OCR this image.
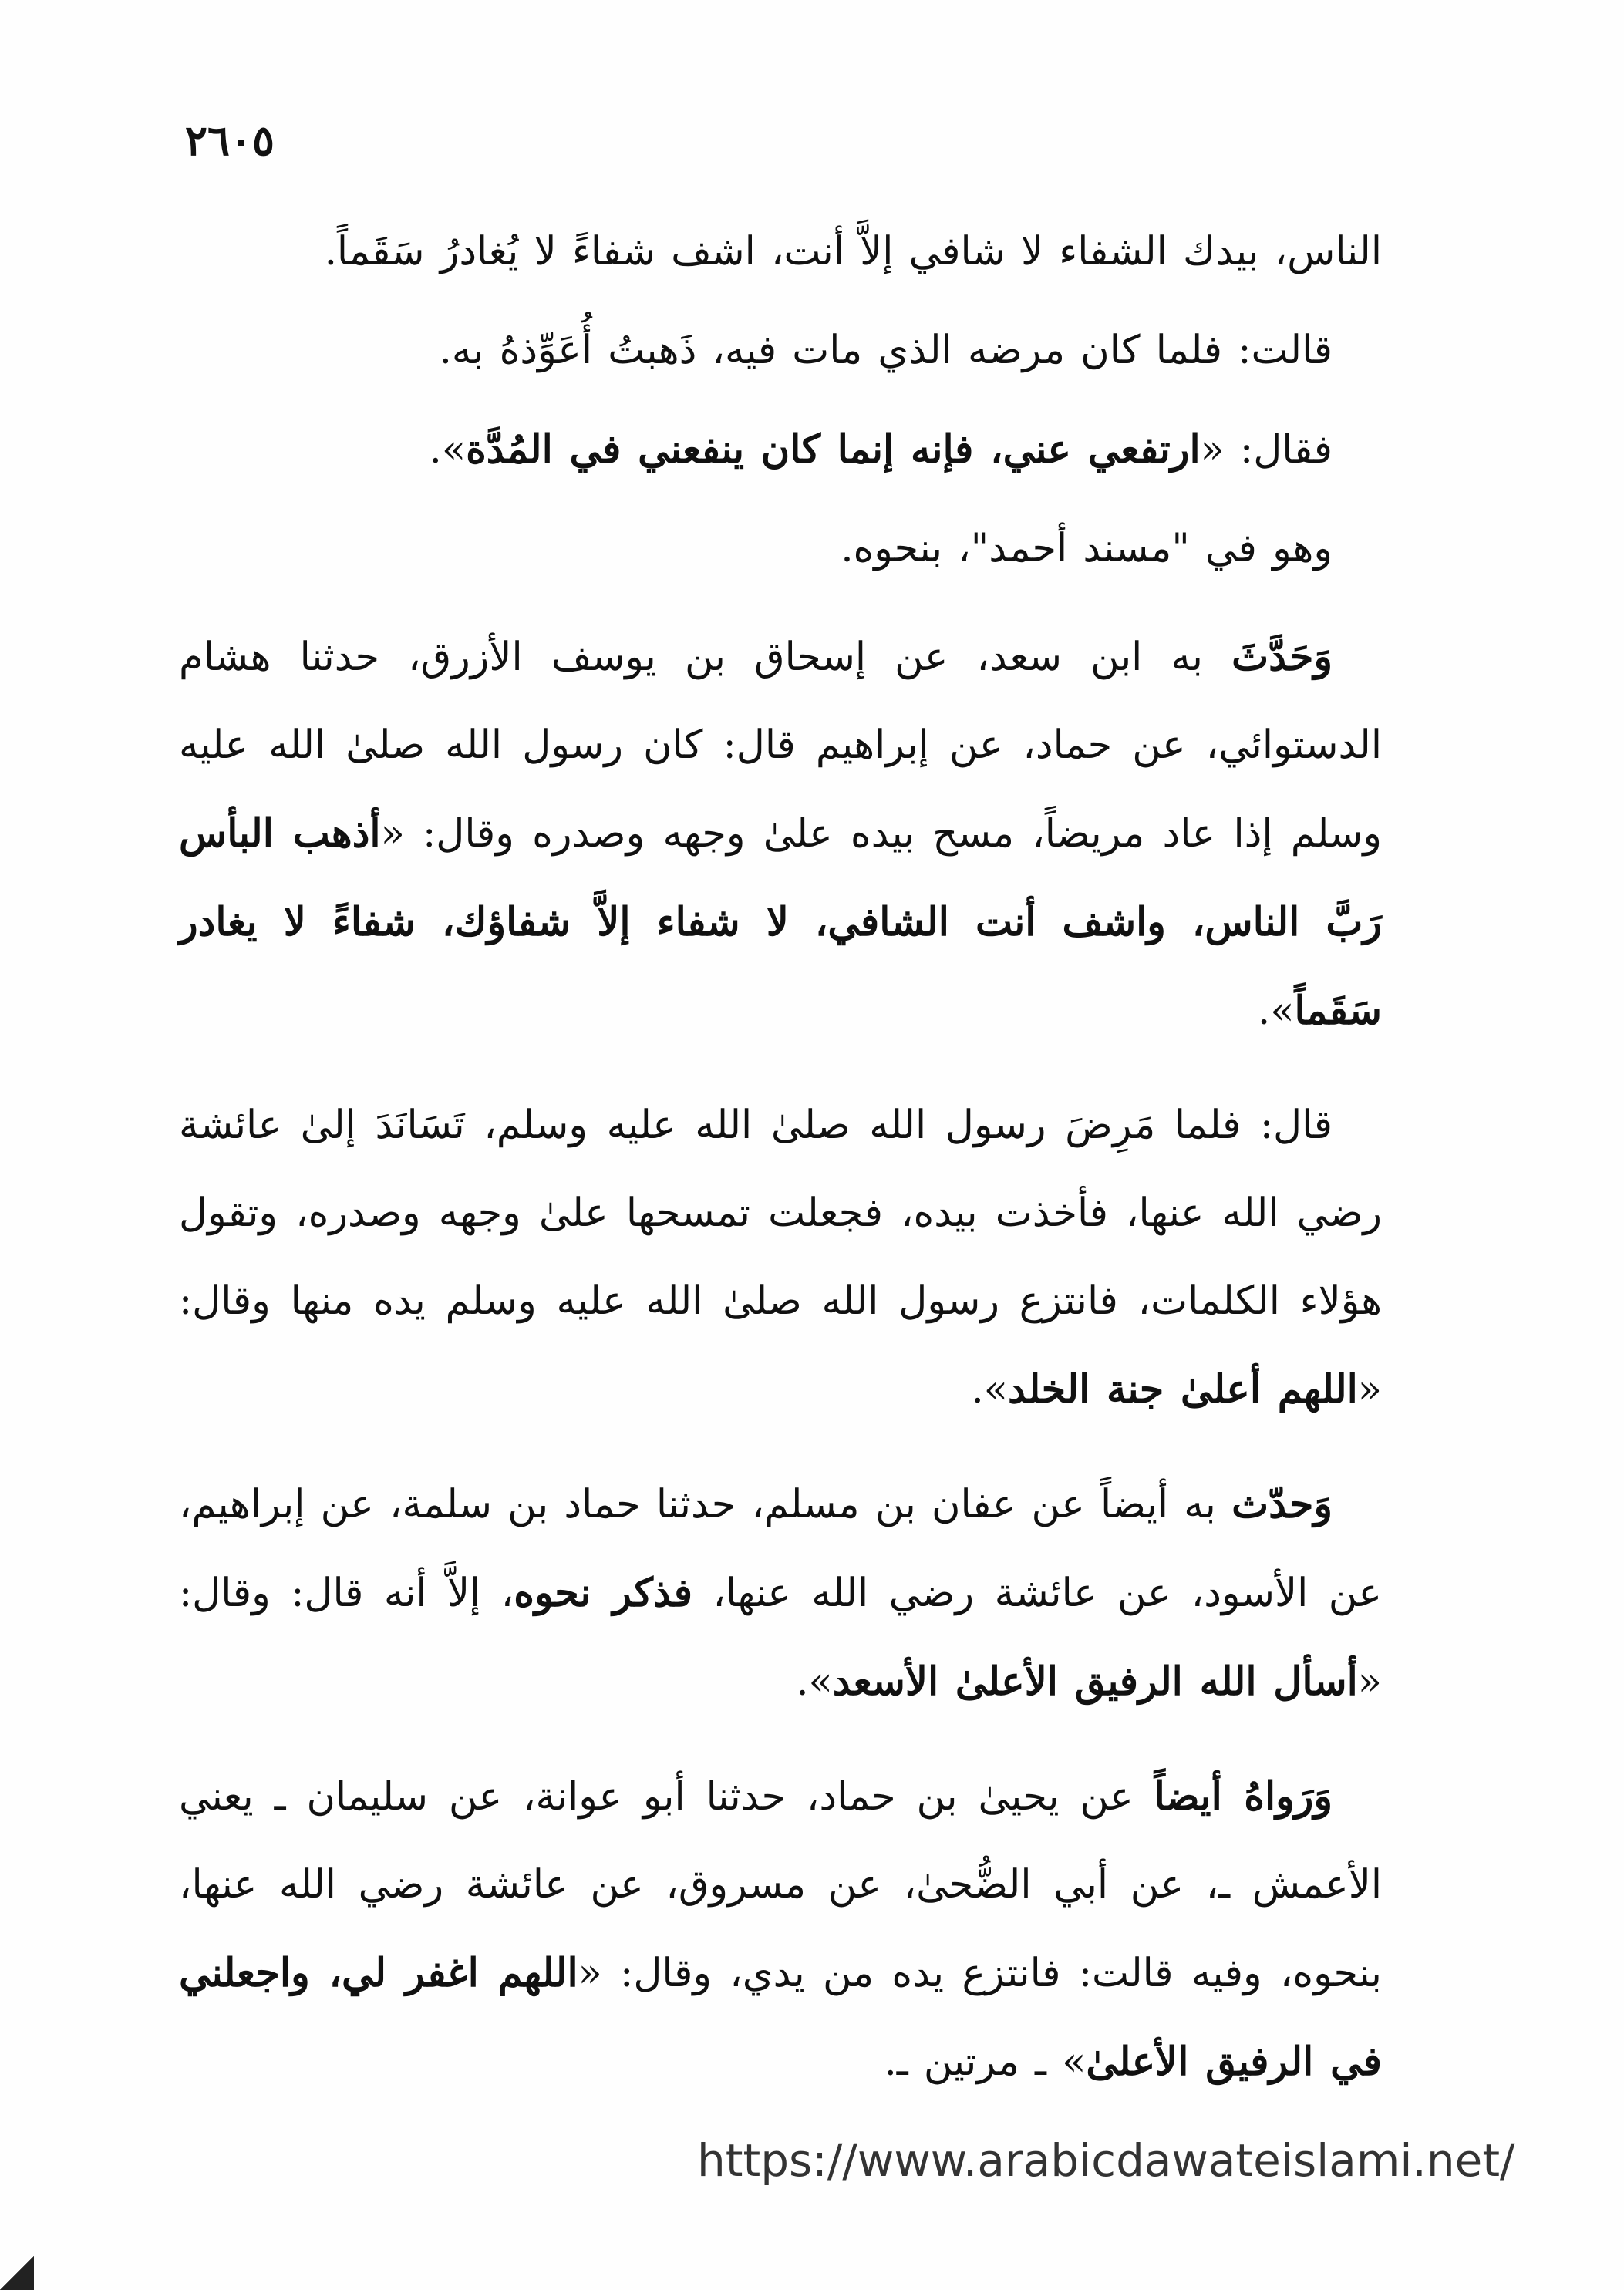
٢٦٠٥

الناس، بيدك الشفاء لا شافي إلاَّ أنت، اشف شفاءً لا يُغادرُ سَقَماً.

قالت: فلما كان مرضه الذي مات فيه، ذَهبتُ أُعَوِّذهُ به.

فقال: «ارتفعي عني، فإنه إنما كان ينفعني في المُدَّة».

وهو في "مسند أحمد"، بنحوه.

وَحَدَّثَ به ابن سعد، عن إسحاق بن يوسف الأزرق، حدثنا هشام الدستوائي، عن حماد، عن إبراهيم قال: كان رسول الله صلىٰ الله عليه وسلم إذا عاد مريضاً، مسح بيده علىٰ وجهه وصدره وقال: «أذهب البأس رَبَّ الناس، واشف أنت الشافي، لا شفاء إلاَّ شفاؤك، شفاءً لا يغادر سَقَماً».

قال: فلما مَرِضَ رسول الله صلىٰ الله عليه وسلم، تَسَانَدَ إلىٰ عائشة رضي الله عنها، فأخذت بيده، فجعلت تمسحها علىٰ وجهه وصدره، وتقول هؤلاء الكلمات، فانتزع رسول الله صلىٰ الله عليه وسلم يده منها وقال: «اللهم أعلىٰ جنة الخلد».

وَحدّث به أيضاً عن عفان بن مسلم، حدثنا حماد بن سلمة، عن إبراهيم، عن الأسود، عن عائشة رضي الله عنها، فذكر نحوه، إلاَّ أنه قال: وقال: «أسأل الله الرفيق الأعلىٰ الأسعد».

وَرَواهُ أيضاً عن يحيىٰ بن حماد، حدثنا أبو عوانة، عن سليمان ـ يعني الأعمش ـ، عن أبي الضُّحىٰ، عن مسروق، عن عائشة رضي الله عنها، بنحوه، وفيه قالت: فانتزع يده من يدي، وقال: «اللهم اغفر لي، واجعلني في الرفيق الأعلىٰ» ـ مرتين ـ.

https://www.arabicdawateislami.net/
